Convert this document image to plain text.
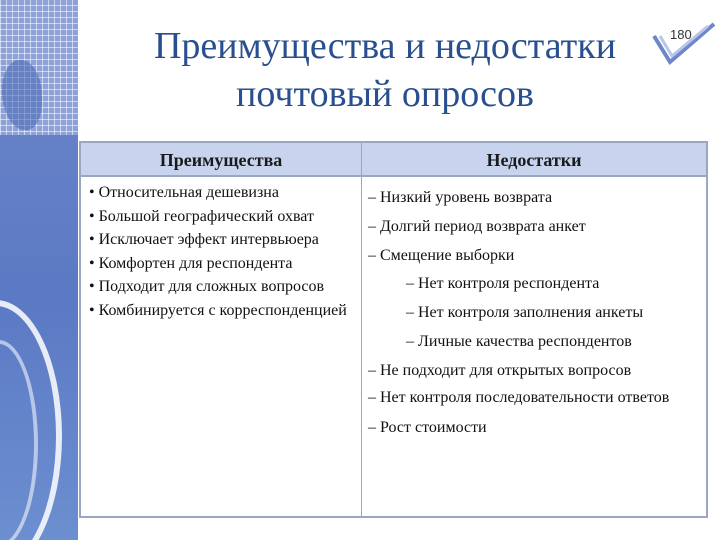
Преимущества и недостатки
почтовый опросов
180
Преимущества	Недостатки
• Относительная дешевизна
• Большой географический охват
• Исключает эффект интервьюера
• Комфортен для респондента
• Подходит для сложных вопросов
• Комбинируется с корреспонденцией
– Низкий уровень возврата
– Долгий период возврата анкет
– Смещение выборки
– Нет контроля респондента
– Нет контроля заполнения анкеты
– Личные качества респондентов
– Не подходит для открытых вопросов
– Нет контроля последовательности ответов
– Рост стоимости
